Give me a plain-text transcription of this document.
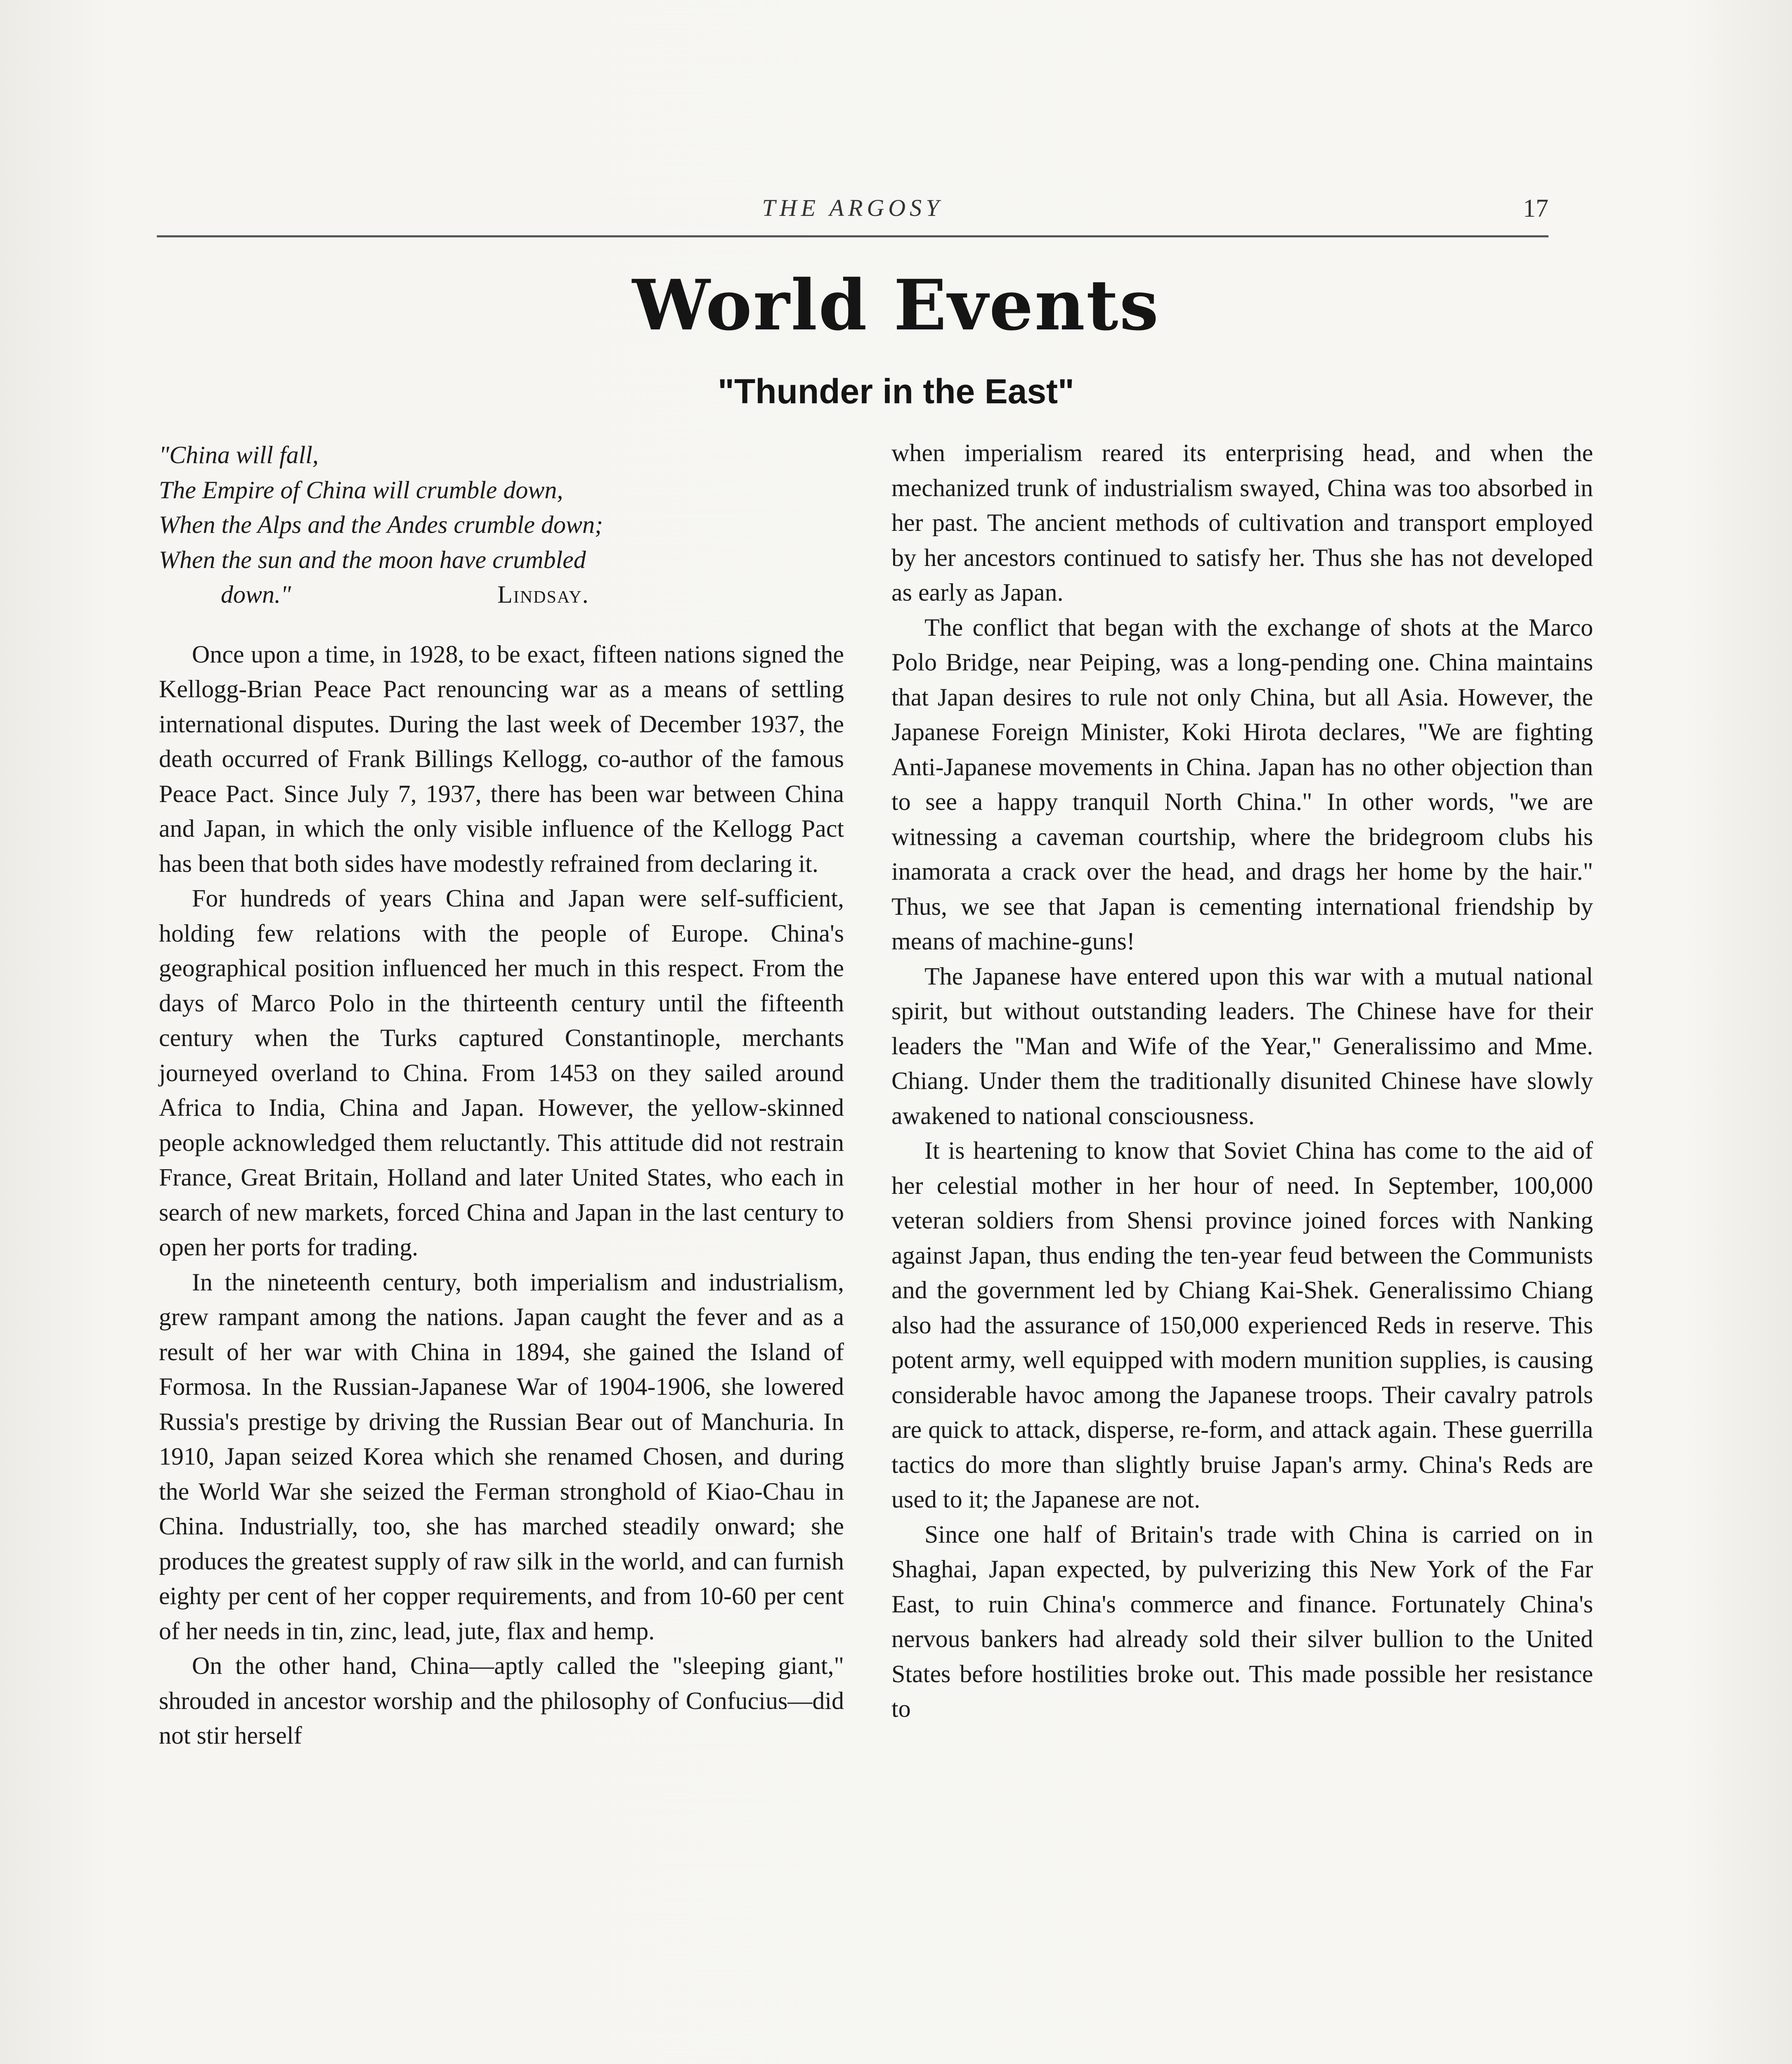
THE ARGOSY	17
World Events
"Thunder in the East"
"China will fall,
The Empire of China will crumble down,
When the Alps and the Andes crumble down;
When the sun and the moon have crumbled
down."	Lindsay.

Once upon a time, in 1928, to be exact, fifteen nations signed the Kellogg-Brian Peace Pact renouncing war as a means of settling international disputes. During the last week of December 1937, the death occurred of Frank Billings Kellogg, co-author of the famous Peace Pact. Since July 7, 1937, there has been war between China and Japan, in which the only visible influence of the Kellogg Pact has been that both sides have modestly refrained from declaring it.

For hundreds of years China and Japan were self-sufficient, holding few relations with the people of Europe. China's geographical position influenced her much in this respect. From the days of Marco Polo in the thirteenth century until the fifteenth century when the Turks captured Constantinople, merchants journeyed overland to China. From 1453 on they sailed around Africa to India, China and Japan. However, the yellow-skinned people acknowledged them reluctantly. This attitude did not restrain France, Great Britain, Holland and later United States, who each in search of new markets, forced China and Japan in the last century to open her ports for trading.

In the nineteenth century, both imperialism and industrialism, grew rampant among the nations. Japan caught the fever and as a result of her war with China in 1894, she gained the Island of Formosa. In the Russian-Japanese War of 1904-1906, she lowered Russia's prestige by driving the Russian Bear out of Manchuria. In 1910, Japan seized Korea which she renamed Chosen, and during the World War she seized the Ferman stronghold of Kiao-Chau in China. Industrially, too, she has marched steadily onward; she produces the greatest supply of raw silk in the world, and can furnish eighty per cent of her copper requirements, and from 10-60 per cent of her needs in tin, zinc, lead, jute, flax and hemp.

On the other hand, China—aptly called the "sleeping giant," shrouded in ancestor worship and the philosophy of Confucius—did not stir herself

when imperialism reared its enterprising head, and when the mechanized trunk of industrialism swayed, China was too absorbed in her past. The ancient methods of cultivation and transport employed by her ancestors continued to satisfy her. Thus she has not developed as early as Japan.

The conflict that began with the exchange of shots at the Marco Polo Bridge, near Peiping, was a long-pending one. China maintains that Japan desires to rule not only China, but all Asia. However, the Japanese Foreign Minister, Koki Hirota declares, "We are fighting Anti-Japanese movements in China. Japan has no other objection than to see a happy tranquil North China." In other words, "we are witnessing a caveman courtship, where the bridegroom clubs his inamorata a crack over the head, and drags her home by the hair." Thus, we see that Japan is cementing international friendship by means of machine-guns!

The Japanese have entered upon this war with a mutual national spirit, but without outstanding leaders. The Chinese have for their leaders the "Man and Wife of the Year," Generalissimo and Mme. Chiang. Under them the traditionally disunited Chinese have slowly awakened to national consciousness.

It is heartening to know that Soviet China has come to the aid of her celestial mother in her hour of need. In September, 100,000 veteran soldiers from Shensi province joined forces with Nanking against Japan, thus ending the ten-year feud between the Communists and the government led by Chiang Kai-Shek. Generalissimo Chiang also had the assurance of 150,000 experienced Reds in reserve. This potent army, well equipped with modern munition supplies, is causing considerable havoc among the Japanese troops. Their cavalry patrols are quick to attack, disperse, re-form, and attack again. These guerrilla tactics do more than slightly bruise Japan's army. China's Reds are used to it; the Japanese are not.

Since one half of Britain's trade with China is carried on in Shaghai, Japan expected, by pulverizing this New York of the Far East, to ruin China's commerce and finance. Fortunately China's nervous bankers had already sold their silver bullion to the United States before hostilities broke out. This made possible her resistance to
